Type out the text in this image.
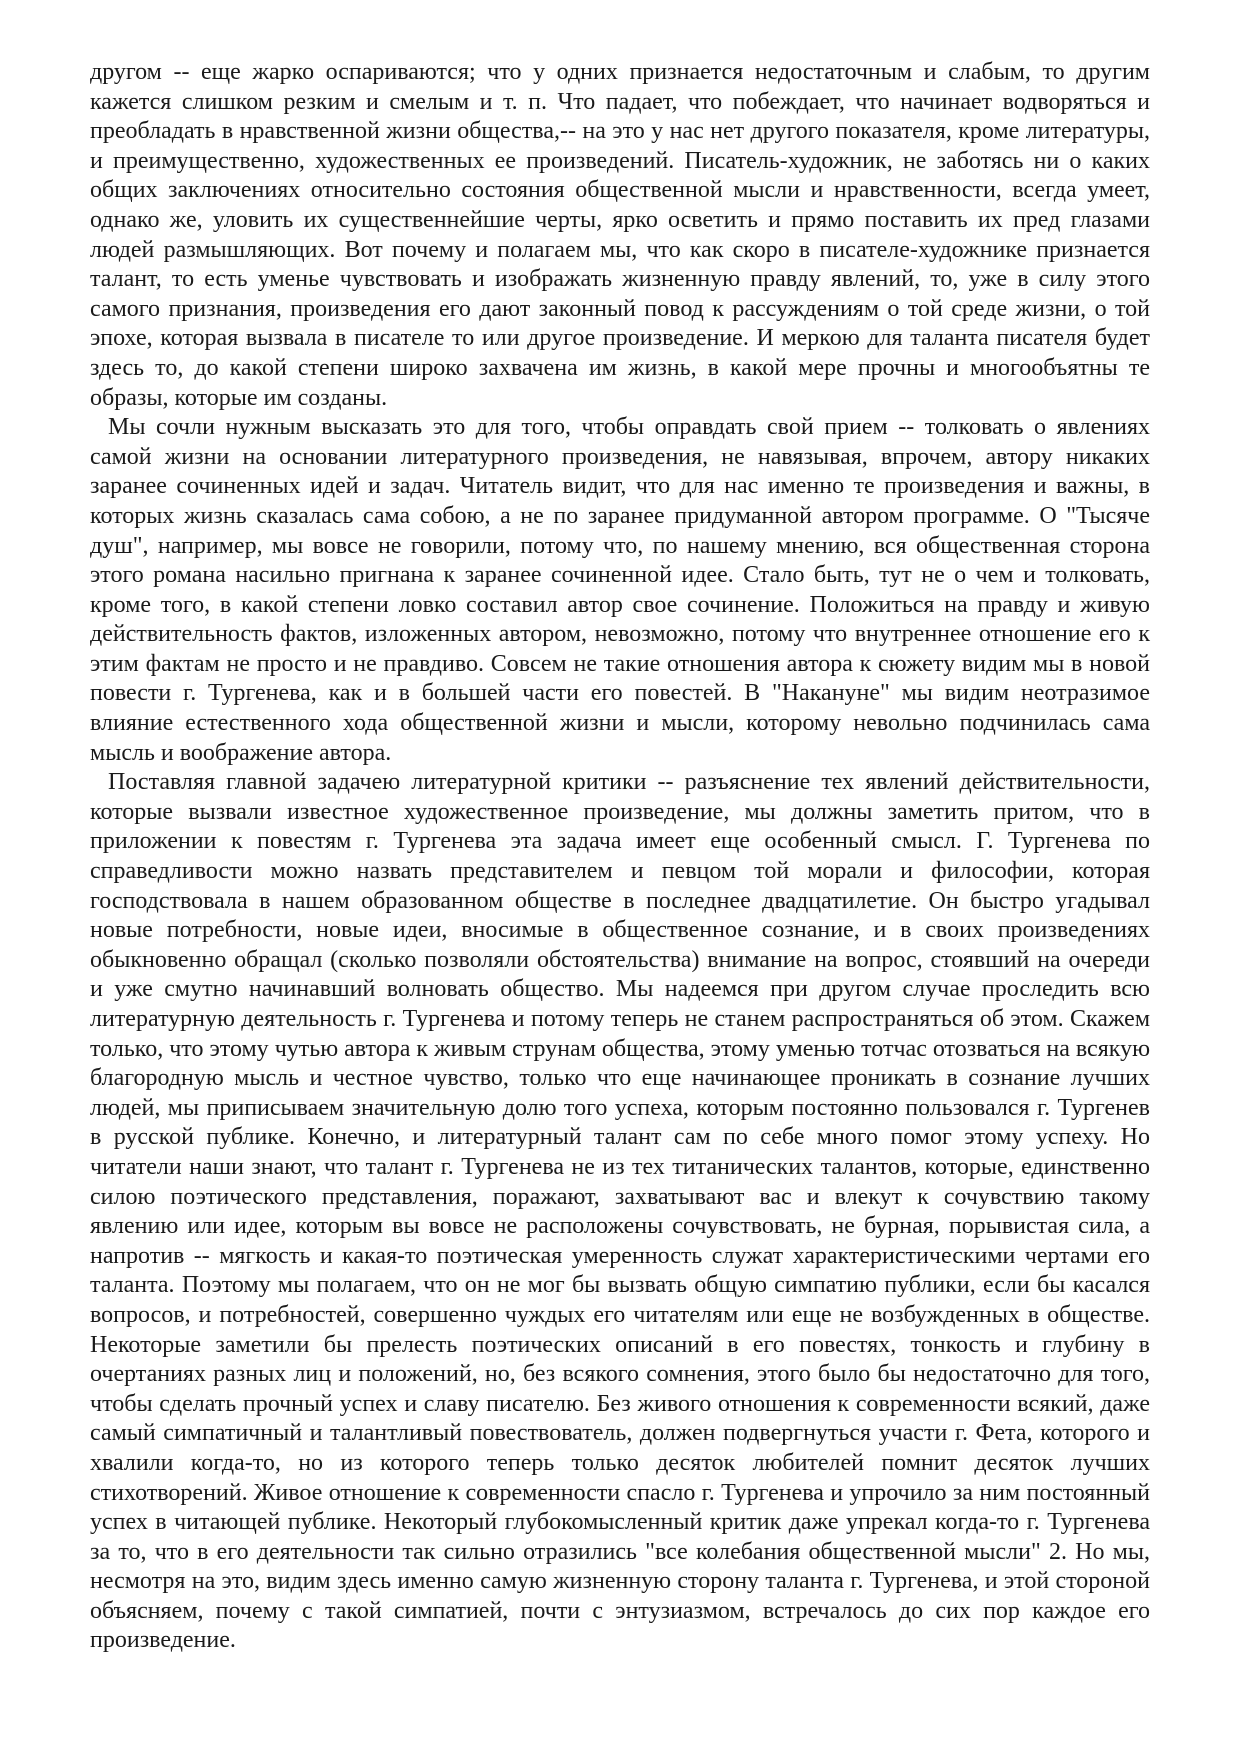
другом -- еще жарко оспариваются; что у одних признается недостаточным и слабым, то другим кажется слишком резким и смелым и т. п. Что падает, что побеждает, что начинает водворяться и преобладать в нравственной жизни общества,-- на это у нас нет другого показателя, кроме литературы, и преимущественно, художественных ее произведений. Писатель-художник, не заботясь ни о каких общих заключениях относительно состояния общественной мысли и нравственности, всегда умеет, однако же, уловить их существеннейшие черты, ярко осветить и прямо поставить их пред глазами людей размышляющих. Вот почему и полагаем мы, что как скоро в писателе-художнике признается талант, то есть уменье чувствовать и изображать жизненную правду явлений, то, уже в силу этого самого признания, произведения его дают законный повод к рассуждениям о той среде жизни, о той эпохе, которая вызвала в писателе то или другое произведение. И меркою для таланта писателя будет здесь то, до какой степени широко захвачена им жизнь, в какой мере прочны и многообъятны те образы, которые им созданы.

Мы сочли нужным высказать это для того, чтобы оправдать свой прием -- толковать о явлениях самой жизни на основании литературного произведения, не навязывая, впрочем, автору никаких заранее сочиненных идей и задач. Читатель видит, что для нас именно те произведения и важны, в которых жизнь сказалась сама собою, а не по заранее придуманной автором программе. О "Тысяче душ", например, мы вовсе не говорили, потому что, по нашему мнению, вся общественная сторона этого романа насильно пригнана к заранее сочиненной идее. Стало быть, тут не о чем и толковать, кроме того, в какой степени ловко составил автор свое сочинение. Положиться на правду и живую действительность фактов, изложенных автором, невозможно, потому что внутреннее отношение его к этим фактам не просто и не правдиво. Совсем не такие отношения автора к сюжету видим мы в новой повести г. Тургенева, как и в большей части его повестей. В "Накануне" мы видим неотразимое влияние естественного хода общественной жизни и мысли, которому невольно подчинилась сама мысль и воображение автора.

Поставляя главной задачею литературной критики -- разъяснение тех явлений действительности, которые вызвали известное художественное произведение, мы должны заметить притом, что в приложении к повестям г. Тургенева эта задача имеет еще особенный смысл. Г. Тургенева по справедливости можно назвать представителем и певцом той морали и философии, которая господствовала в нашем образованном обществе в последнее двадцатилетие. Он быстро угадывал новые потребности, новые идеи, вносимые в общественное сознание, и в своих произведениях обыкновенно обращал (сколько позволяли обстоятельства) внимание на вопрос, стоявший на очереди и уже смутно начинавший волновать общество. Мы надеемся при другом случае проследить всю литературную деятельность г. Тургенева и потому теперь не станем распространяться об этом. Скажем только, что этому чутью автора к живым струнам общества, этому уменью тотчас отозваться на всякую благородную мысль и честное чувство, только что еще начинающее проникать в сознание лучших людей, мы приписываем значительную долю того успеха, которым постоянно пользовался г. Тургенев в русской публике. Конечно, и литературный талант сам по себе много помог этому успеху. Но читатели наши знают, что талант г. Тургенева не из тех титанических талантов, которые, единственно силою поэтического представления, поражают, захватывают вас и влекут к сочувствию такому явлению или идее, которым вы вовсе не расположены сочувствовать, не бурная, порывистая сила, а напротив -- мягкость и какая-то поэтическая умеренность служат характеристическими чертами его таланта. Поэтому мы полагаем, что он не мог бы вызвать общую симпатию публики, если бы касался вопросов, и потребностей, совершенно чуждых его читателям или еще не возбужденных в обществе. Некоторые заметили бы прелесть поэтических описаний в его повестях, тонкость и глубину в очертаниях разных лиц и положений, но, без всякого сомнения, этого было бы недостаточно для того, чтобы сделать прочный успех и славу писателю. Без живого отношения к современности всякий, даже самый симпатичный и талантливый повествователь, должен подвергнуться участи г. Фета, которого и хвалили когда-то, но из которого теперь только десяток любителей помнит десяток лучших стихотворений. Живое отношение к современности спасло г. Тургенева и упрочило за ним постоянный успех в читающей публике. Некоторый глубокомысленный критик даже упрекал когда-то г. Тургенева за то, что в его деятельности так сильно отразились "все колебания общественной мысли" 2. Но мы, несмотря на это, видим здесь именно самую жизненную сторону таланта г. Тургенева, и этой стороной объясняем, почему с такой симпатией, почти с энтузиазмом, встречалось до сих пор каждое его произведение.
